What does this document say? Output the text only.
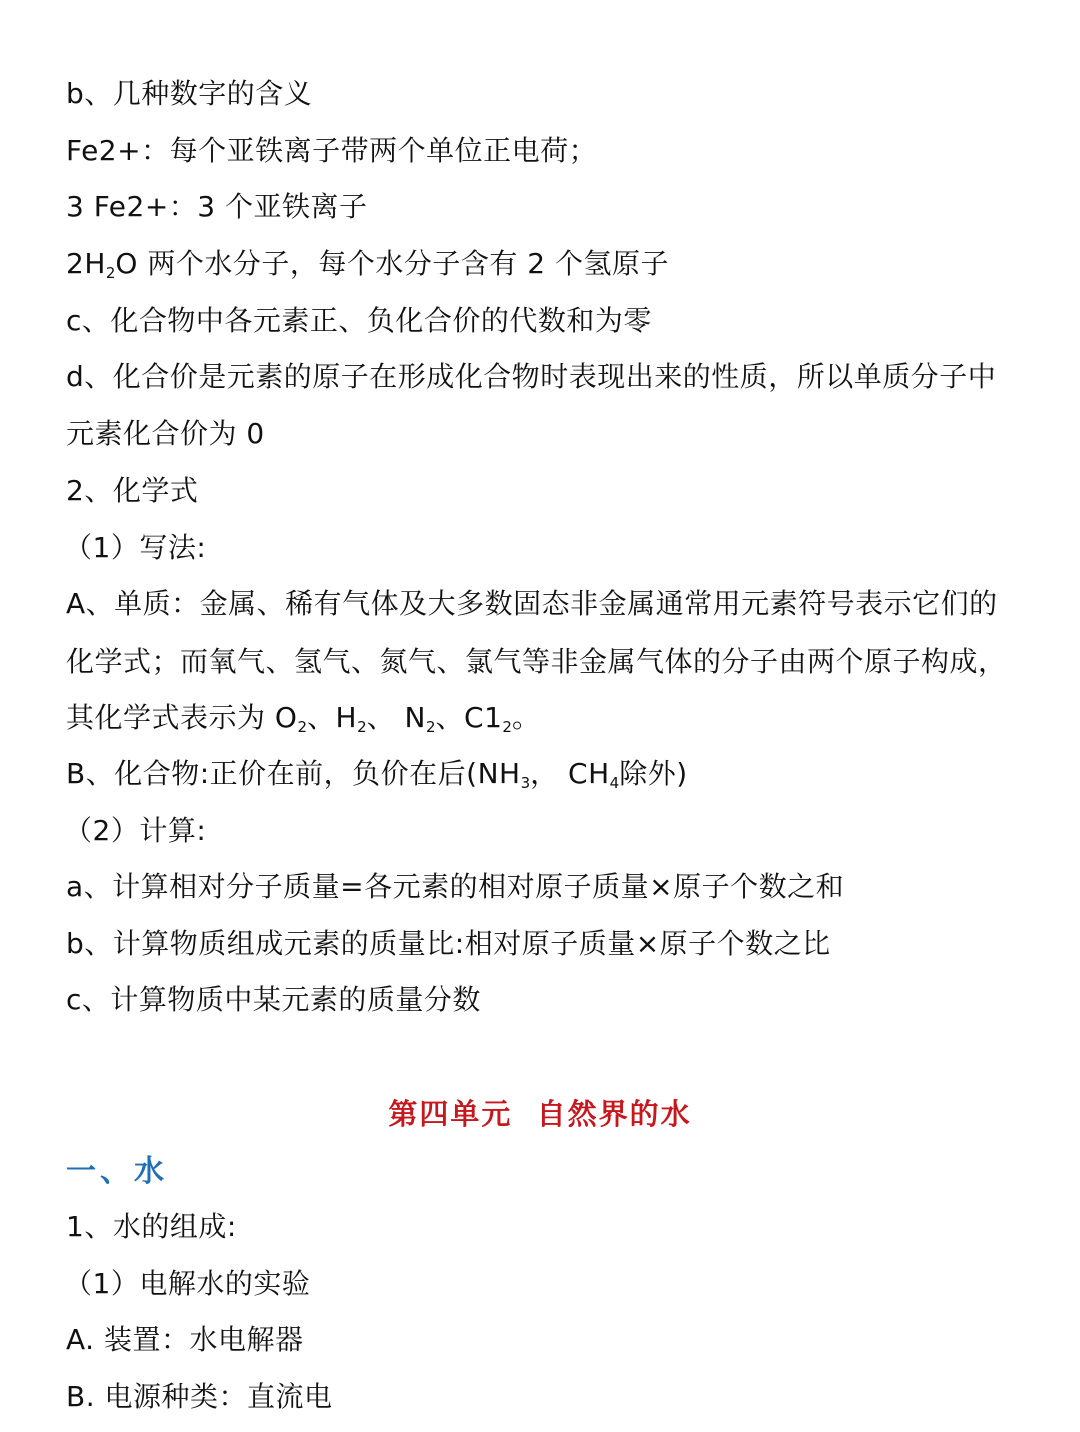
b、几种数字的含义
Fe2+：每个亚铁离子带两个单位正电荷；
3 Fe2+：3 个亚铁离子
$2H_2O$ 两个水分子，每个水分子含有 2 个氢原子
c、化合物中各元素正、负化合价的代数和为零
d、化合价是元素的原子在形成化合物时表现出来的性质，所以单质分子中
元素化合价为 0
2、化学式
（1）写法:
A、单质：金属、稀有气体及大多数固态非金属通常用元素符号表示它们的
化学式；而氧气、氢气、氮气、氯气等非金属气体的分子由两个原子构成，
其化学式表示为 $O_2$、$H_2$、 $N_2$、$C1_2$。
B、化合物:正价在前，负价在后($NH_3$， $CH_4$除外)
（2）计算:
a、计算相对分子质量=各元素的相对原子质量×原子个数之和
b、计算物质组成元素的质量比:相对原子质量×原子个数之比
c、计算物质中某元素的质量分数
第四单元  自然界的水
一、水
1、水的组成:
（1）电解水的实验
A. 装置：水电解器
B. 电源种类：直流电
